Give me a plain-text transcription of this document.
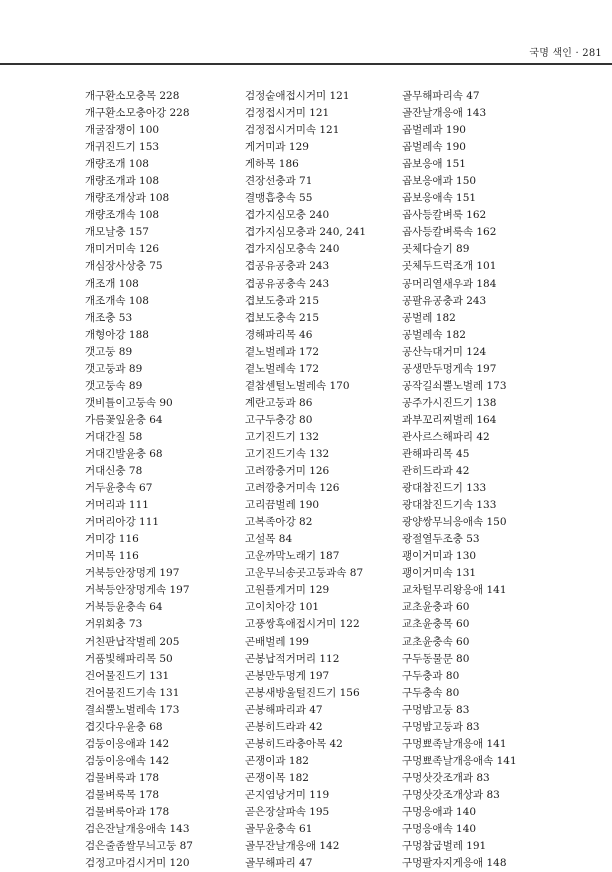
국명 색인 · 281
개구환소모충목 228
개구환소모충아강 228
개굴잠쟁이 100
개귀진드기 153
개량조개 108
개량조개과 108
개량조개상과 108
개량조개속 108
개모날충 157
개미거미속 126
개심장사상충 75
개조개 108
개조개속 108
개조충 53
개형아강 188
갯고둥 89
갯고둥과 89
갯고둥속 89
갯비틀이고둥속 90
가름꽃잎윤충 64
거대간질 58
거대긴발윤충 68
거대신충 78
거두윤충속 67
거머리과 111
거머리아강 111
거미강 116
거미목 116
거북등안장멍게 197
거북등안장멍게속 197
거북등윤충속 64
거위회충 73
거친판납작벌레 205
거품빛해파리목 50
건어물진드기 131
건어물진드기속 131
결쇠뿔노벌레속 173
겹깃다우윤충 68
검둥이응애과 142
검둥이응애속 142
검물벼룩과 178
검물벼룩목 178
검물벼룩아과 178
검은잔날개응애속 143
검은줄좀쌀무늬고둥 87
검정고마검시거미 120
검정숱애접시거미 121
검정접시거미 121
검정접시거미속 121
게거미과 129
게하목 186
견장선충과 71
결맹흡충속 55
겹가지심모충 240
겹가지심모충과 240, 241
겹가지심모충속 240
겹공유공충과 243
겹공유공충속 243
겹보도충과 215
겹보도충속 215
경해파리목 46
곁노벌레과 172
곁노벌레속 172
곁참센털노벌레속 170
계란고둥과 86
고구두충강 80
고기진드기 132
고기진드기속 132
고려깡충거미 126
고려깡충거미속 126
고리끔벌레 190
고복족아강 82
고설목 84
고운까막노래기 187
고운무늬송곳고둥과속 87
고원플게거미 129
고이치아강 101
고풍쌍흑애접시거미 122
곤배벌레 199
곤봉납적거머리 112
곤봉만두멍게 197
곤봉새방울털진드기 156
곤봉해파리과 47
곤봉히드라과 42
곤봉히드라충아목 42
곤쟁이과 182
곤쟁이목 182
곤지염낭거미 119
곧은장살파속 195
골무윤충속 61
골무잔날개응애 142
골무해파리 47
골무해파리속 47
골잔날개응애 143
곱벌레과 190
곱벌레속 190
곱보응애 151
곱보응애과 150
곱보응애속 151
곱사등칼벼룩 162
곱사등칼벼룩속 162
곳체다슬기 89
곳체두드럭조개 101
공머리열새우과 184
공팔유공충과 243
공벌레 182
공벌레속 182
공산늑대거미 124
공생만두멍게속 197
공작길쇠뿔노벌레 173
공주가시진드기 138
과부꼬리찌벌레 164
관사르스해파리 42
관해파리목 45
관히드라과 42
광대참진드기 133
광대참진드기속 133
광양쌍무늬응애속 150
광절열두조충 53
괭이거미과 130
괭이거미속 131
교차털무리왕응애 141
교초윤충과 60
교초윤충목 60
교초윤충속 60
구두동물문 80
구두충과 80
구두충속 80
구멍밤고둥 83
구멍밤고둥과 83
구멍뾰족날개응애 141
구멍뾰족날개응애속 141
구멍삿갓조개과 83
구멍삿갓조개상과 83
구멍응애과 140
구멍응애속 140
구멍참굽벌레 191
구멍팔자지게응애 148
